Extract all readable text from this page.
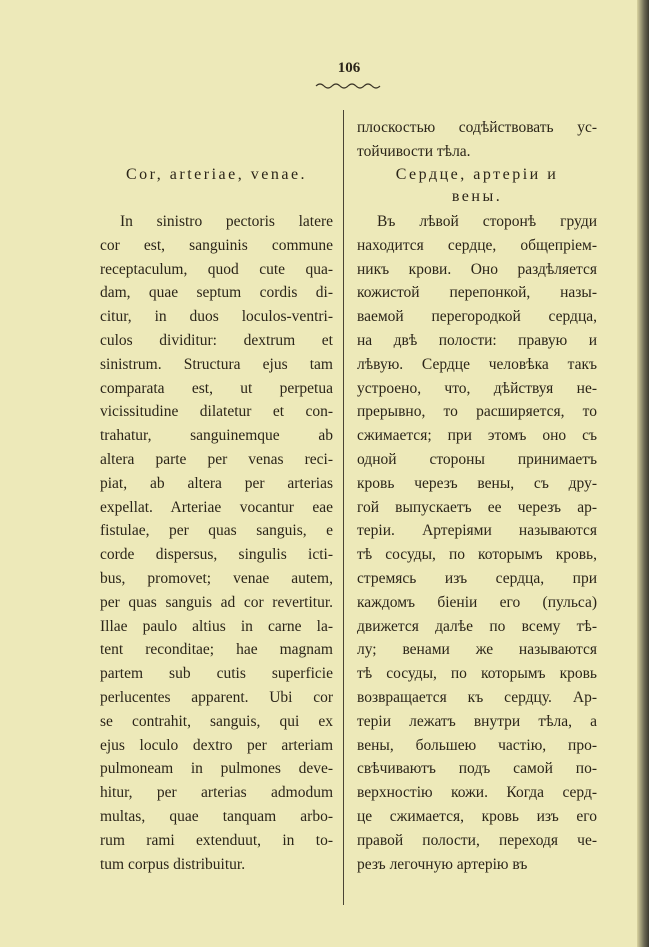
106
Cor, arteriae, venae.
In sinistro pectoris latere
cor est, sanguinis commune
receptaculum, quod cute qua-
dam, quae septum cordis di-
citur, in duos loculos-ventri-
culos dividitur: dextrum et
sinistrum. Structura ejus tam
comparata est, ut perpetua
vicissitudine dilatetur et con-
trahatur, sanguinemque ab
altera parte per venas reci-
piat, ab altera per arterias
expellat. Arteriae vocantur eae
fistulae, per quas sanguis, e
corde dispersus, singulis icti-
bus, promovet; venae autem,
per quas sanguis ad cor revertitur.
Illae paulo altius in carne la-
tent reconditae; hae magnam
partem sub cutis superficie
perlucentes apparent. Ubi cor
se contrahit, sanguis, qui ex
ejus loculo dextro per arteriam
pulmoneam in pulmones deve-
hitur, per arterias admodum
multas, quae tanquam arbo-
rum rami extenduut, in to-
tum corpus distribuitur.
плоскостью содѣйствовать ус-
тойчивости тѣла.
Сердце, артеріи и
вены.
Въ лѣвой сторонѣ груди
находится сердце, общепріем-
никъ крови. Оно раздѣляется
кожистой перепонкой, назы-
ваемой перегородкой сердца,
на двѣ полости: правую и
лѣвую. Сердце человѣка такъ
устроено, что, дѣйствуя не-
прерывно, то расширяется, то
сжимается; при этомъ оно съ
одной стороны принимаетъ
кровь черезъ вены, съ дру-
гой выпускаетъ ее черезъ ар-
теріи. Артеріями называются
тѣ сосуды, по которымъ кровь,
стремясь изъ сердца, при
каждомъ біеніи его (пульса)
движется далѣе по всему тѣ-
лу; венами же называются
тѣ сосуды, по которымъ кровь
возвращается къ сердцу. Ар-
теріи лежатъ внутри тѣла, а
вены, большею частію, про-
свѣчиваютъ подъ самой по-
верхностію кожи. Когда серд-
це сжимается, кровь изъ его
правой полости, переходя че-
резъ легочную артерію въ
